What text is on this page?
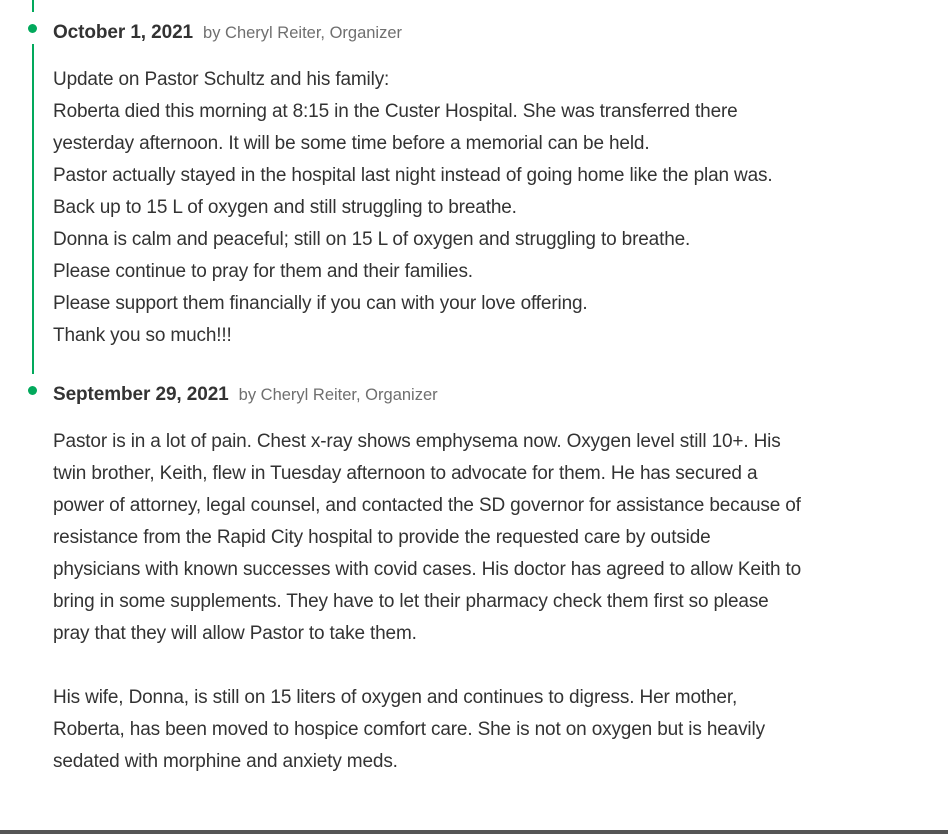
October 1, 2021 by Cheryl Reiter, Organizer
Update on Pastor Schultz and his family:
Roberta died this morning at 8:15 in the Custer Hospital. She was transferred there
yesterday afternoon. It will be some time before a memorial can be held.
Pastor actually stayed in the hospital last night instead of going home like the plan was.
Back up to 15 L of oxygen and still struggling to breathe.
Donna is calm and peaceful; still on 15 L of oxygen and struggling to breathe.
Please continue to pray for them and their families.
Please support them financially if you can with your love offering.
Thank you so much!!!
September 29, 2021 by Cheryl Reiter, Organizer
Pastor is in a lot of pain. Chest x-ray shows emphysema now. Oxygen level still 10+. His
twin brother, Keith, flew in Tuesday afternoon to advocate for them. He has secured a
power of attorney, legal counsel, and contacted the SD governor for assistance because of
resistance from the Rapid City hospital to provide the requested care by outside
physicians with known successes with covid cases. His doctor has agreed to allow Keith to
bring in some supplements. They have to let their pharmacy check them first so please
pray that they will allow Pastor to take them.
His wife, Donna, is still on 15 liters of oxygen and continues to digress. Her mother,
Roberta, has been moved to hospice comfort care. She is not on oxygen but is heavily
sedated with morphine and anxiety meds.
